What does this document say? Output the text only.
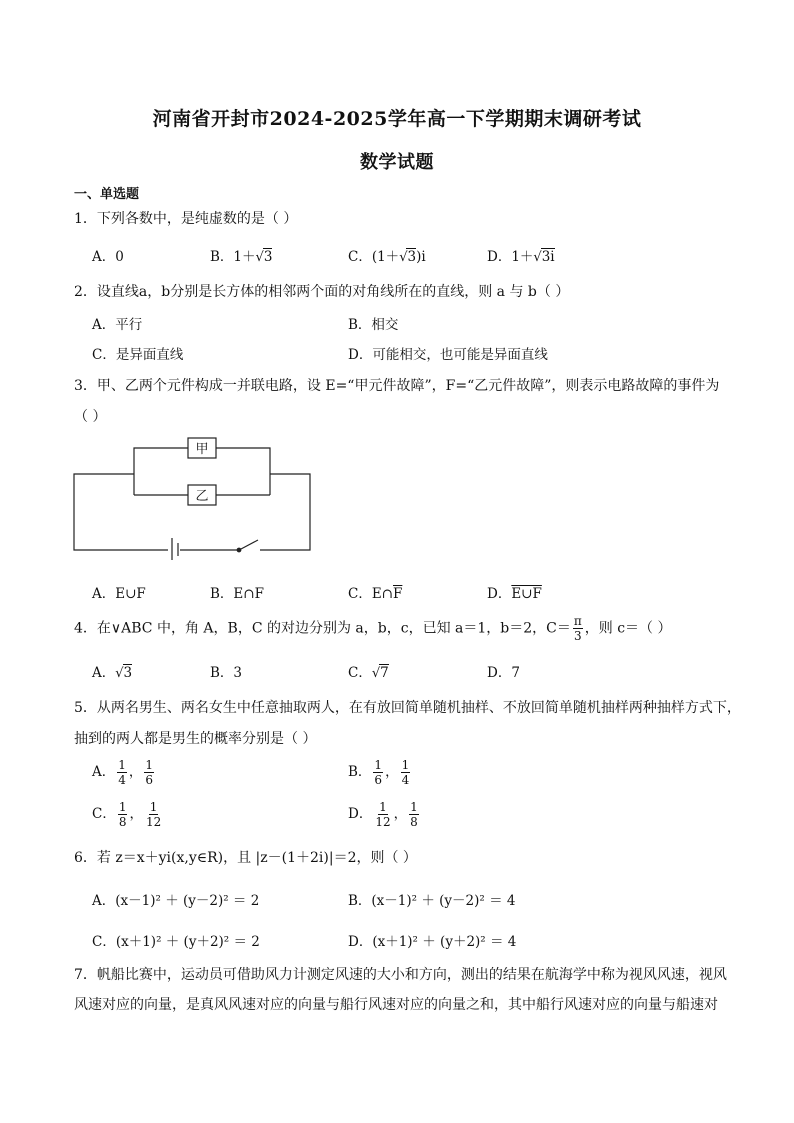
河南省开封市2024-2025学年高一下学期期末调研考试
数学试题
一、单选题
1．下列各数中，是纯虚数的是（ ）
A．0	B．1＋√3	C．(1＋√3)i	D．1＋√3i
2．设直线a，b分别是长方体的相邻两个面的对角线所在的直线，则 a 与 b（ ）
A．平行	B．相交
C．是异面直线	D．可能相交，也可能是异面直线
3．甲、乙两个元件构成一并联电路，设 E=“甲元件故障”，F=“乙元件故障”，则表示电路故障的事件为
（ ）
甲
乙
A．E∪F	B．E∩F	C．$E\cap\overline{F}$	D．E∪F
4．在∨ABC 中，角 A，B，C 的对边分别为 a，b，c，已知 a＝1，b＝2，$C= \frac{\pi}{3}$ ，则 c＝（ ）
A．√3	B．3	C．√7	D．7
5．从两名男生、两名女生中任意抽取两人，在有放回简单随机抽样、不放回简单随机抽样两种抽样方式下，
抽到的两人都是男生的概率分别是（ ）
A． $\frac{1}{4}$ ， $\frac{1}{6}$	B． $\frac{1}{6}$ ， $\frac{1}{4}$
C． $\frac{1}{8}$ ， $\frac{1}{12}$	D． $\frac{1}{12}$ ， $\frac{1}{8}$
6．若 z＝x＋yi(x,y∈R)，且 |z－(1＋2i)|＝2，则（ ）
A．(x－1)² ＋ (y－2)² ＝ 2	B．(x－1)² ＋ (y－2)² ＝ 4
C．(x＋1)² ＋ (y＋2)² ＝ 2	D．(x＋1)² ＋ (y＋2)² ＝ 4
7．帆船比赛中，运动员可借助风力计测定风速的大小和方向，测出的结果在航海学中称为视风风速，视风风速对应的向量，是真风风速对应的向量与船行风速对应的向量之和，其中船行风速对应的向量与船速对
